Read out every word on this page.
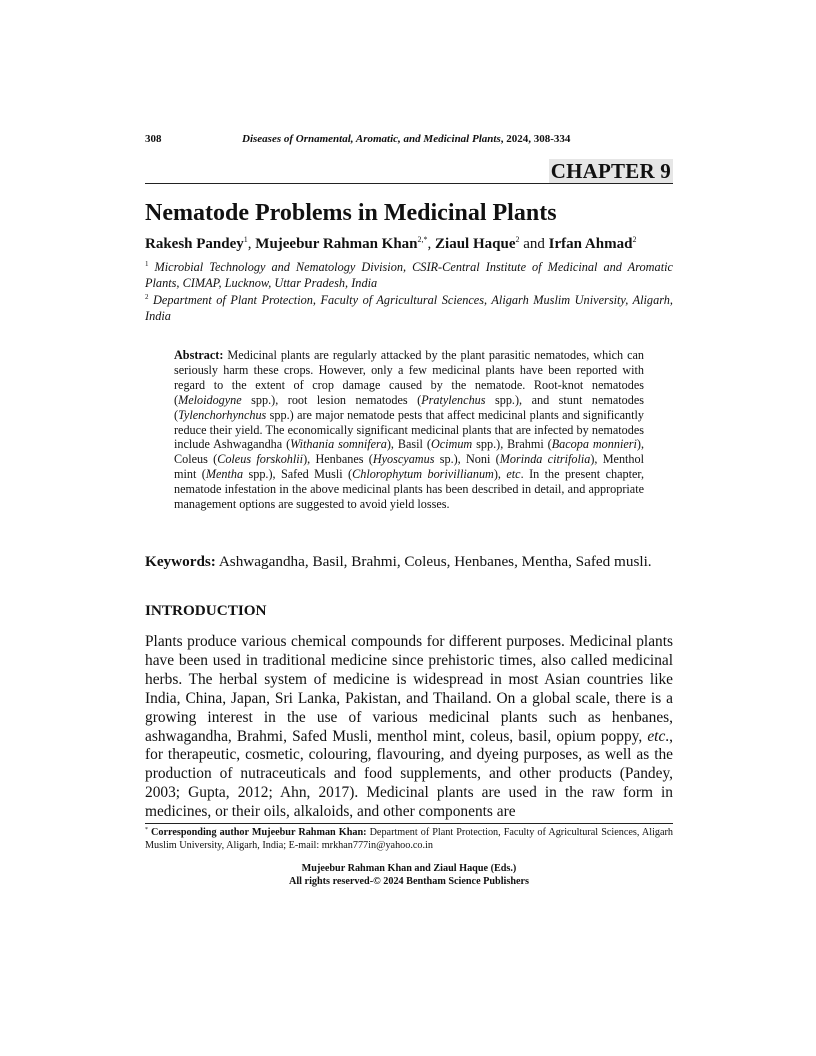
308	Diseases of Ornamental, Aromatic, and Medicinal Plants, 2024, 308-334
CHAPTER 9
Nematode Problems in Medicinal Plants
Rakesh Pandey$^1$, Mujeebur Rahman Khan$^{2,*}$, Ziaul Haque$^2$ and Irfan Ahmad$^2$
$^1$ Microbial Technology and Nematology Division, CSIR-Central Institute of Medicinal and Aromatic Plants, CIMAP, Lucknow, Uttar Pradesh, India
$^2$ Department of Plant Protection, Faculty of Agricultural Sciences, Aligarh Muslim University, Aligarh, India
Abstract: Medicinal plants are regularly attacked by the plant parasitic nematodes, which can seriously harm these crops. However, only a few medicinal plants have been reported with regard to the extent of crop damage caused by the nematode. Root-knot nematodes (Meloidogyne spp.), root lesion nematodes (Pratylenchus spp.), and stunt nematodes (Tylenchorhynchus spp.) are major nematode pests that affect medicinal plants and significantly reduce their yield. The economically significant medicinal plants that are infected by nematodes include Ashwagandha (Withania somnifera), Basil (Ocimum spp.), Brahmi (Bacopa monnieri), Coleus (Coleus forskohlii), Henbanes (Hyoscyamus sp.), Noni (Morinda citrifolia), Menthol mint (Mentha spp.), Safed Musli (Chlorophytum borivillianum), etc. In the present chapter, nematode infestation in the above medicinal plants has been described in detail, and appropriate management options are suggested to avoid yield losses.
Keywords: Ashwagandha, Basil, Brahmi, Coleus, Henbanes, Mentha, Safed musli.
INTRODUCTION
Plants produce various chemical compounds for different purposes. Medicinal plants have been used in traditional medicine since prehistoric times, also called medicinal herbs. The herbal system of medicine is widespread in most Asian countries like India, China, Japan, Sri Lanka, Pakistan, and Thailand. On a global scale, there is a growing interest in the use of various medicinal plants such as henbanes, ashwagandha, Brahmi, Safed Musli, menthol mint, coleus, basil, opium poppy, etc., for therapeutic, cosmetic, colouring, flavouring, and dyeing purposes, as well as the production of nutraceuticals and food supplements, and other products (Pandey, 2003; Gupta, 2012; Ahn, 2017). Medicinal plants are used in the raw form in medicines, or their oils, alkaloids, and other components are
* Corresponding author Mujeebur Rahman Khan: Department of Plant Protection, Faculty of Agricultural Sciences, Aligarh Muslim University, Aligarh, India; E-mail: mrkhan777in@yahoo.co.in
Mujeebur Rahman Khan and Ziaul Haque (Eds.)
All rights reserved-© 2024 Bentham Science Publishers
